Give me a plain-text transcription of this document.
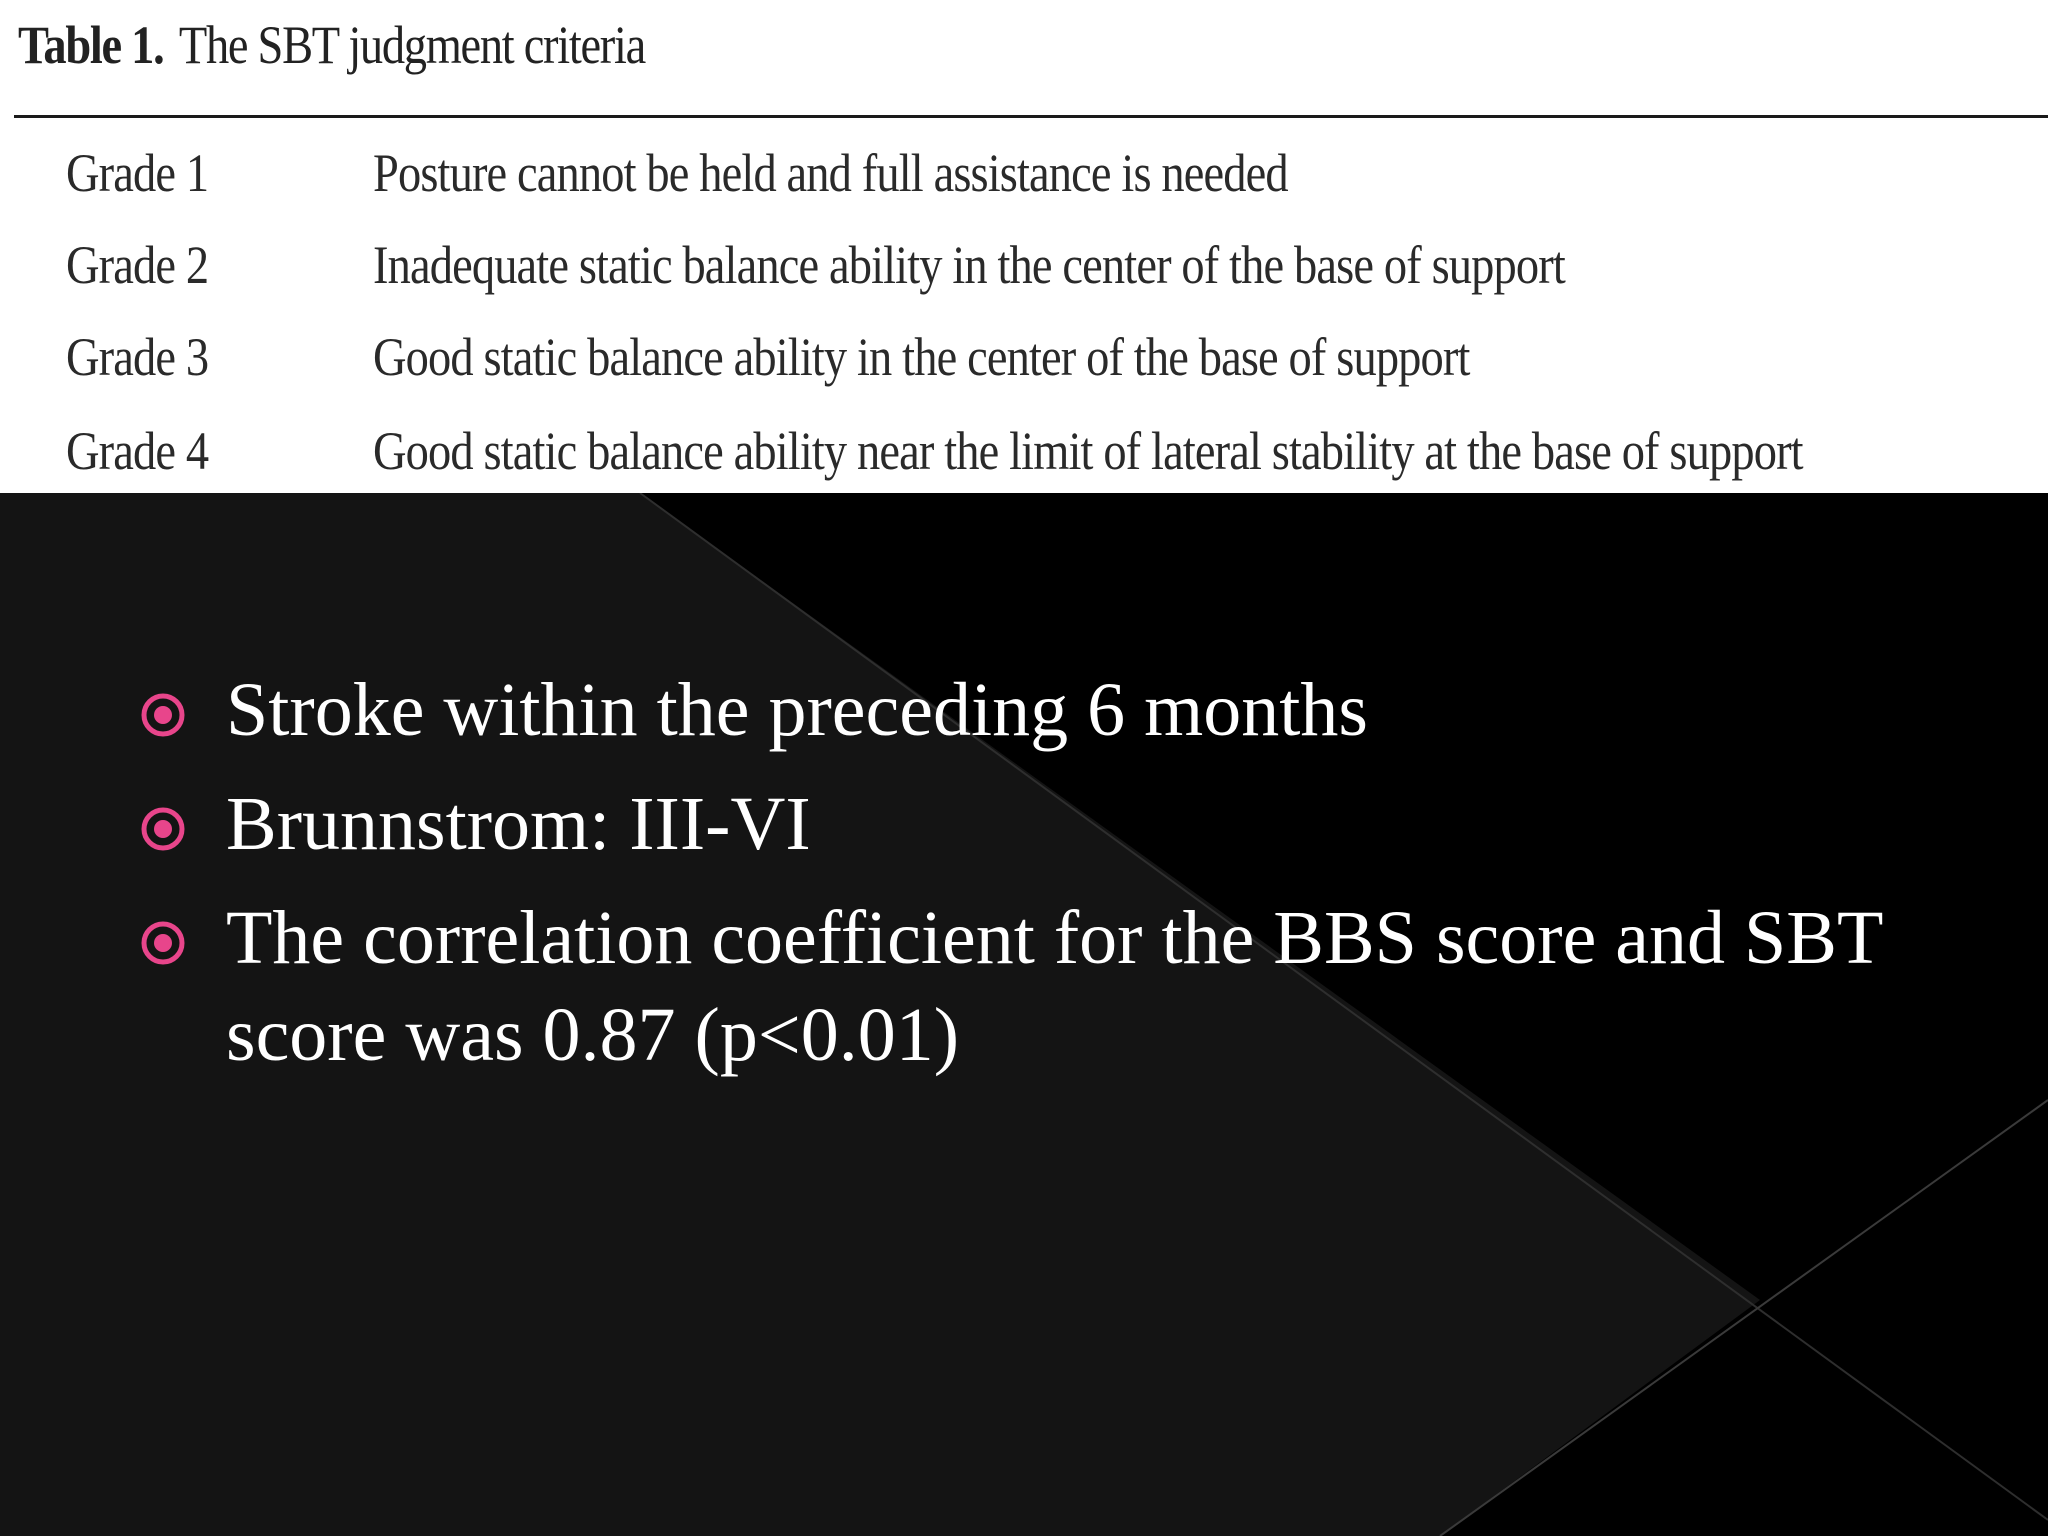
Table 1. The SBT judgment criteria
Grade 1	Posture cannot be held and full assistance is needed
Grade 2	Inadequate static balance ability in the center of the base of support
Grade 3	Good static balance ability in the center of the base of support
Grade 4	Good static balance ability near the limit of lateral stability at the base of support
Stroke within the preceding 6 months
Brunnstrom: III-VI
The correlation coefficient for the BBS score and SBT score was 0.87 (p<0.01)
